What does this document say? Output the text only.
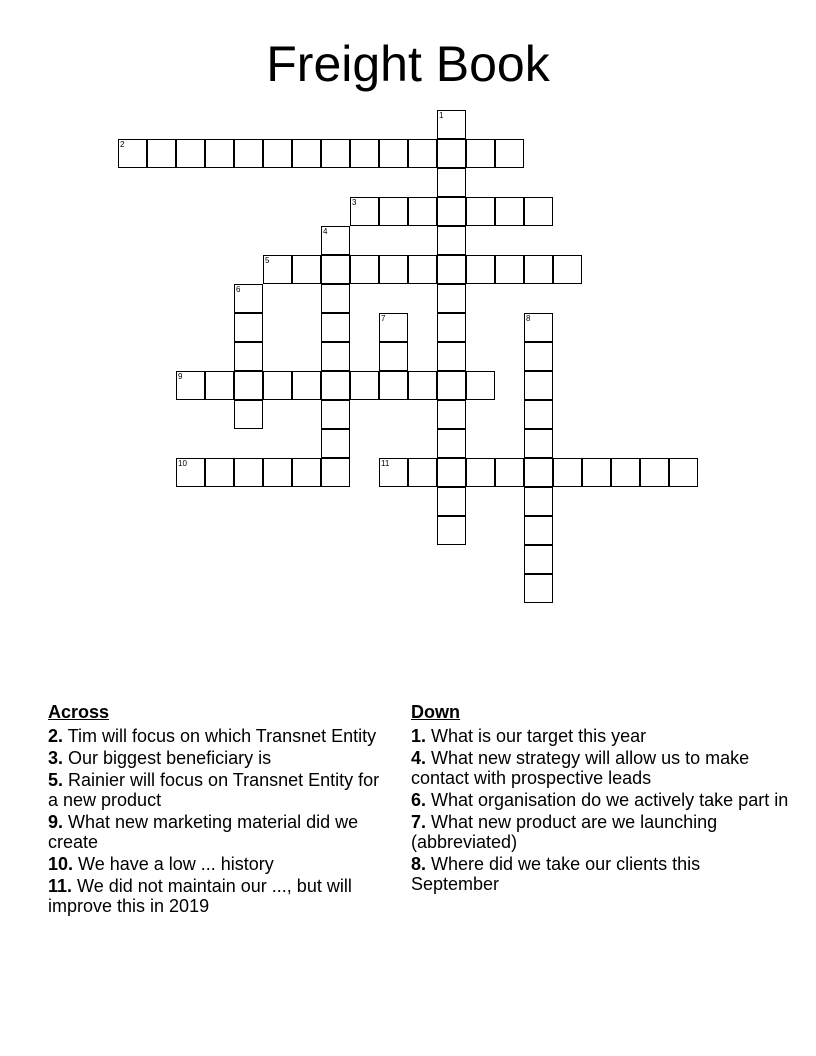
Freight Book
2
1
3
4
5
6
7	8
9
10	11
Across
2. Tim will focus on which Transnet Entity
3. Our biggest beneficiary is
5. Rainier will focus on Transnet Entity for a new product
9. What new marketing material did we create
10. We have a low ... history
11. We did not maintain our ..., but will improve this in 2019
Down
1. What is our target this year
4. What new strategy will allow us to make contact with prospective leads
6. What organisation do we actively take part in
7. What new product are we launching (abbreviated)
8. Where did we take our clients this September
